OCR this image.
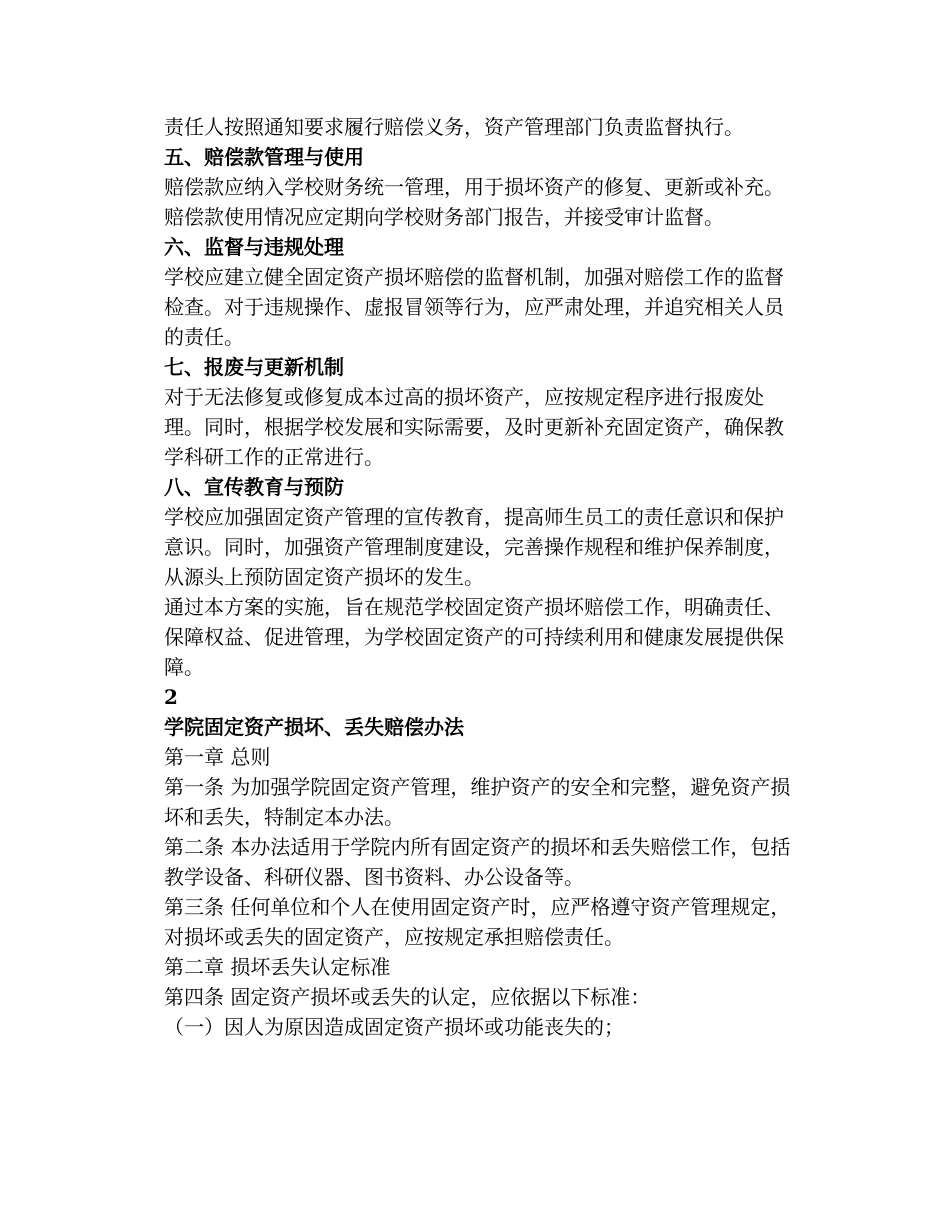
责任人按照通知要求履行赔偿义务，资产管理部门负责监督执行。

五、赔偿款管理与使用

赔偿款应纳入学校财务统一管理，用于损坏资产的修复、更新或补充。赔偿款使用情况应定期向学校财务部门报告，并接受审计监督。

六、监督与违规处理

学校应建立健全固定资产损坏赔偿的监督机制，加强对赔偿工作的监督检查。对于违规操作、虚报冒领等行为，应严肃处理，并追究相关人员的责任。

七、报废与更新机制

对于无法修复或修复成本过高的损坏资产，应按规定程序进行报废处理。同时，根据学校发展和实际需要，及时更新补充固定资产，确保教学科研工作的正常进行。

八、宣传教育与预防

学校应加强固定资产管理的宣传教育，提高师生员工的责任意识和保护意识。同时，加强资产管理制度建设，完善操作规程和维护保养制度，从源头上预防固定资产损坏的发生。

通过本方案的实施，旨在规范学校固定资产损坏赔偿工作，明确责任、保障权益、促进管理，为学校固定资产的可持续利用和健康发展提供保障。

2

学院固定资产损坏、丢失赔偿办法

第一章 总则

第一条 为加强学院固定资产管理，维护资产的安全和完整，避免资产损坏和丢失，特制定本办法。

第二条 本办法适用于学院内所有固定资产的损坏和丢失赔偿工作，包括教学设备、科研仪器、图书资料、办公设备等。

第三条 任何单位和个人在使用固定资产时，应严格遵守资产管理规定，对损坏或丢失的固定资产，应按规定承担赔偿责任。

第二章 损坏丢失认定标准

第四条 固定资产损坏或丢失的认定，应依据以下标准：

（一）因人为原因造成固定资产损坏或功能丧失的；
